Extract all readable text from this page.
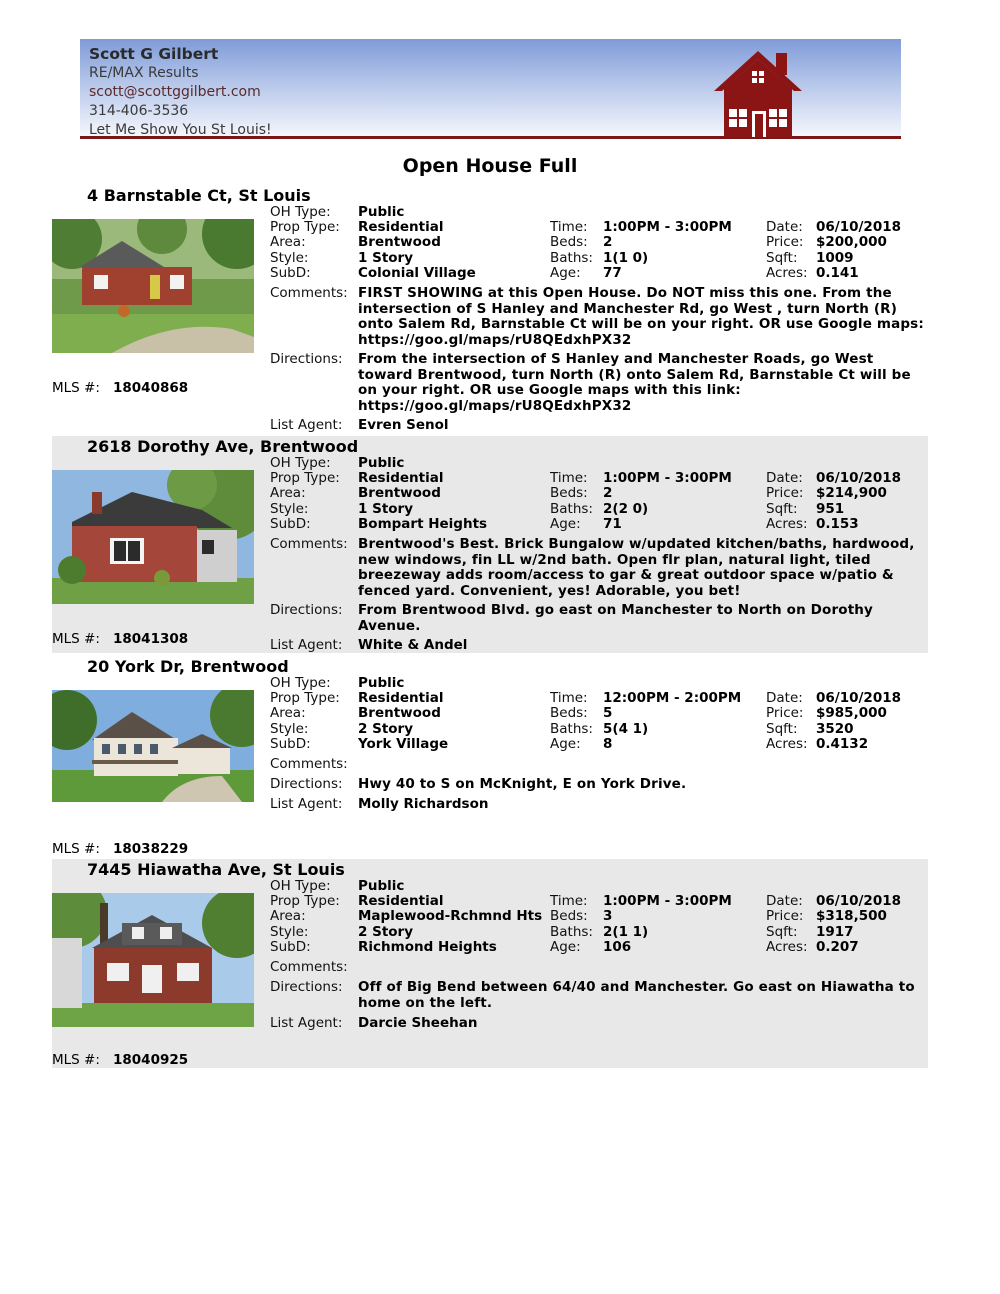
Scott G Gilbert
RE/MAX Results
scott@scottggilbert.com
314-406-3536
Let Me Show You St Louis!
Open House Full
4 Barnstable Ct, St Louis
OH Type: Public
Prop Type: Residential	Time: 1:00PM - 3:00PM	Date: 06/10/2018
Area:	Brentwood	Beds: 2	Price: $200,000
Style:	1 Story	Baths: 1(1 0)	Sqft: 1009
SubD:	Colonial Village	Age: 77	Acres: 0.141
Comments: FIRST SHOWING at this Open House. Do NOT miss this one. From the intersection of S Hanley and Manchester Rd, go West , turn North (R) onto Salem Rd, Barnstable Ct will be on your right. OR use Google maps: https://goo.gl/maps/rU8QEdxhPX32
Directions: From the intersection of S Hanley and Manchester Roads, go West toward Brentwood, turn North (R) onto Salem Rd, Barnstable Ct will be on your right. OR use Google maps with this link: https://goo.gl/maps/rU8QEdxhPX32
MLS #: 18040868
List Agent: Evren Senol
2618 Dorothy Ave, Brentwood
OH Type: Public
Prop Type: Residential	Time: 1:00PM - 3:00PM	Date: 06/10/2018
Area:	Brentwood	Beds: 2	Price: $214,900
Style:	1 Story	Baths: 2(2 0)	Sqft: 951
SubD:	Bompart Heights	Age: 71	Acres: 0.153
Comments: Brentwood's Best. Brick Bungalow w/updated kitchen/baths, hardwood, new windows, fin LL w/2nd bath. Open flr plan, natural light, tiled breezeway adds room/access to gar & great outdoor space w/patio & fenced yard. Convenient, yes! Adorable, you bet!
Directions: From Brentwood Blvd. go east on Manchester to North on Dorothy Avenue.
MLS #: 18041308	List Agent: White & Andel
20 York Dr, Brentwood
OH Type: Public
Prop Type: Residential	Time: 12:00PM - 2:00PM Date: 06/10/2018
Area:	Brentwood	Beds: 5	Price: $985,000
Style:	2 Story	Baths: 5(4 1)	Sqft: 3520
SubD:	York Village	Age: 8	Acres: 0.4132
Comments:
Directions: Hwy 40 to S on McKnight, E on York Drive.
List Agent: Molly Richardson
MLS #: 18038229
7445 Hiawatha Ave, St Louis
OH Type: Public
Prop Type: Residential	Time: 1:00PM - 3:00PM	Date: 06/10/2018
Area:	Maplewood-Rchmnd Hts Beds: 3	Price: $318,500
Style:	2 Story	Baths: 2(1 1)	Sqft: 1917
SubD:	Richmond Heights	Age: 106	Acres: 0.207
Comments:
Directions: Off of Big Bend between 64/40 and Manchester. Go east on Hiawatha to home on the left.
List Agent: Darcie Sheehan
MLS #: 18040925
